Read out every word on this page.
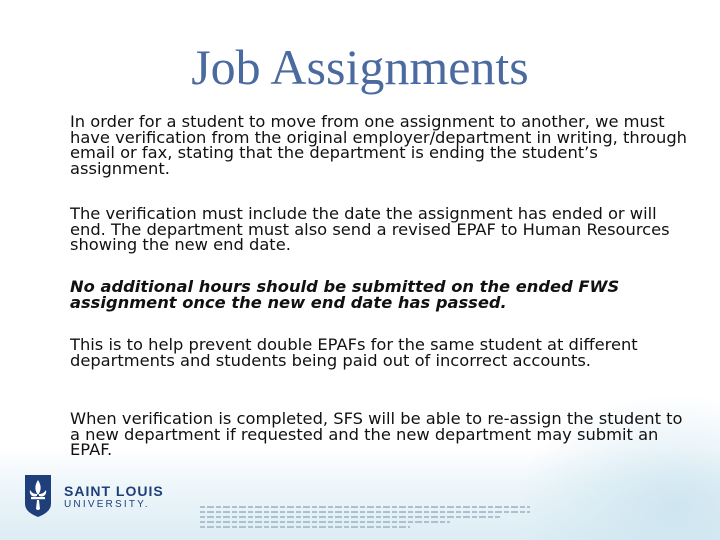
Job Assignments

In order for a student to move from one assignment to another, we must have verification from the original employer/department in writing, through email or fax, stating that the department is ending the student’s assignment.

The verification must include the date the assignment has ended or will end. The department must also send a revised EPAF to Human Resources showing the new end date.

No additional hours should be submitted on the ended FWS assignment once the new end date has passed.

This is to help prevent double EPAFs for the same student at different departments and students being paid out of incorrect accounts.

When verification is completed, SFS will be able to re-assign the student to a new department if requested and the new department may submit an EPAF.

SAINT LOUIS
UNIVERSITY.
